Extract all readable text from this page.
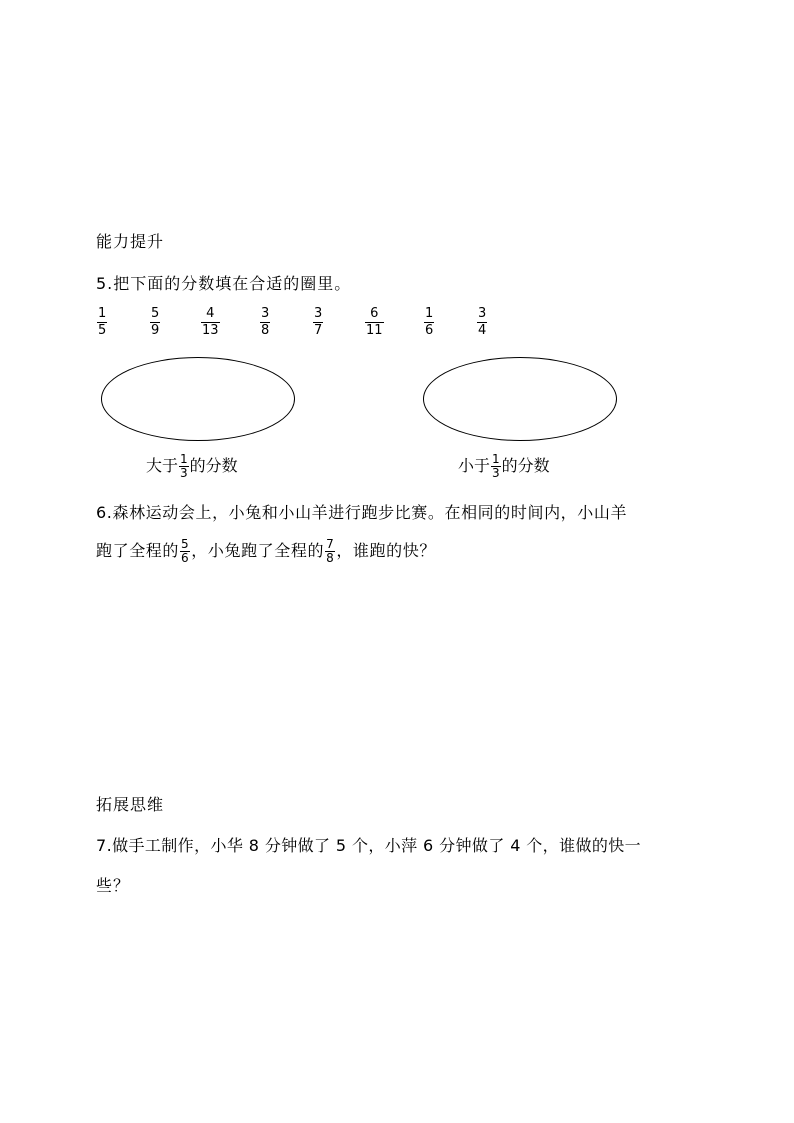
能力提升
5.把下面的分数填在合适的圈里。
$\frac{1}{5}$	$\frac{5}{9}$	$\frac{4}{13}$	$\frac{3}{8}$	$\frac{3}{7}$	$\frac{6}{11}$	$\frac{1}{6}$	$\frac{3}{4}$
大于 $\frac{1}{3}$ 的分数	小于 $\frac{1}{3}$ 的分数
6.森林运动会上，小兔和小山羊进行跑步比赛。在相同的时间内，小山羊
跑了全程的 $\frac{5}{6}$ ，小兔跑了全程的 $\frac{7}{8}$ ，谁跑的快？
拓展思维
7.做手工制作，小华 8 分钟做了 5 个，小萍 6 分钟做了 4 个，谁做的快一
些？
